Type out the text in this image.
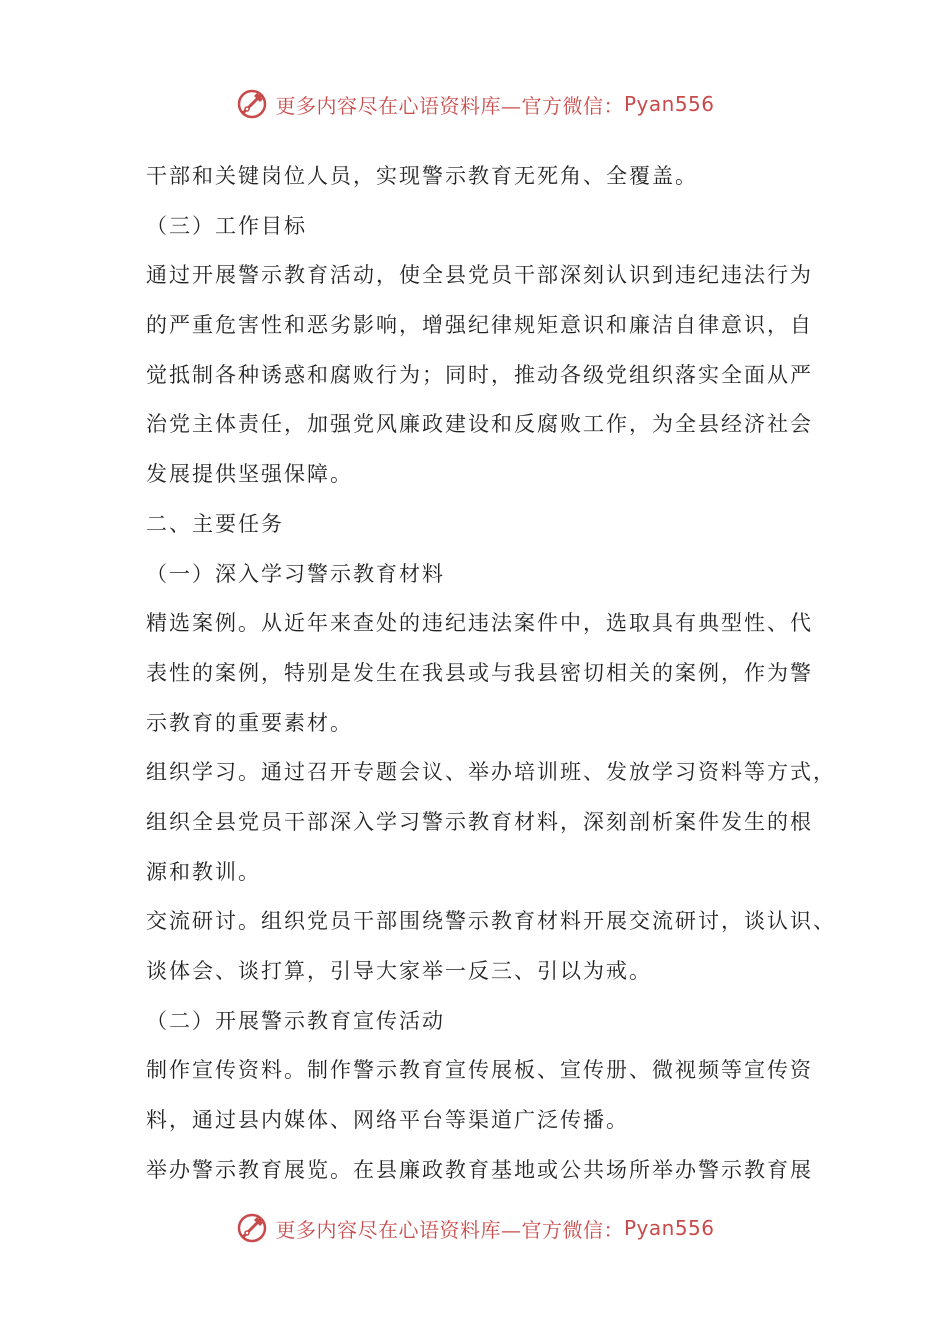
更多内容尽在心语资料库—官方微信： Pyan556
干部和关键岗位人员，实现警示教育无死角、全覆盖。
（三）工作目标
通过开展警示教育活动，使全县党员干部深刻认识到违纪违法行为
的严重危害性和恶劣影响，增强纪律规矩意识和廉洁自律意识，自
觉抵制各种诱惑和腐败行为；同时，推动各级党组织落实全面从严
治党主体责任，加强党风廉政建设和反腐败工作，为全县经济社会
发展提供坚强保障。
二、主要任务
（一）深入学习警示教育材料
精选案例。从近年来查处的违纪违法案件中，选取具有典型性、代
表性的案例，特别是发生在我县或与我县密切相关的案例，作为警
示教育的重要素材。
组织学习。通过召开专题会议、举办培训班、发放学习资料等方式，
组织全县党员干部深入学习警示教育材料，深刻剖析案件发生的根
源和教训。
交流研讨。组织党员干部围绕警示教育材料开展交流研讨，谈认识、
谈体会、谈打算，引导大家举一反三、引以为戒。
（二）开展警示教育宣传活动
制作宣传资料。制作警示教育宣传展板、宣传册、微视频等宣传资
料，通过县内媒体、网络平台等渠道广泛传播。
举办警示教育展览。在县廉政教育基地或公共场所举办警示教育展
更多内容尽在心语资料库—官方微信： Pyan556
